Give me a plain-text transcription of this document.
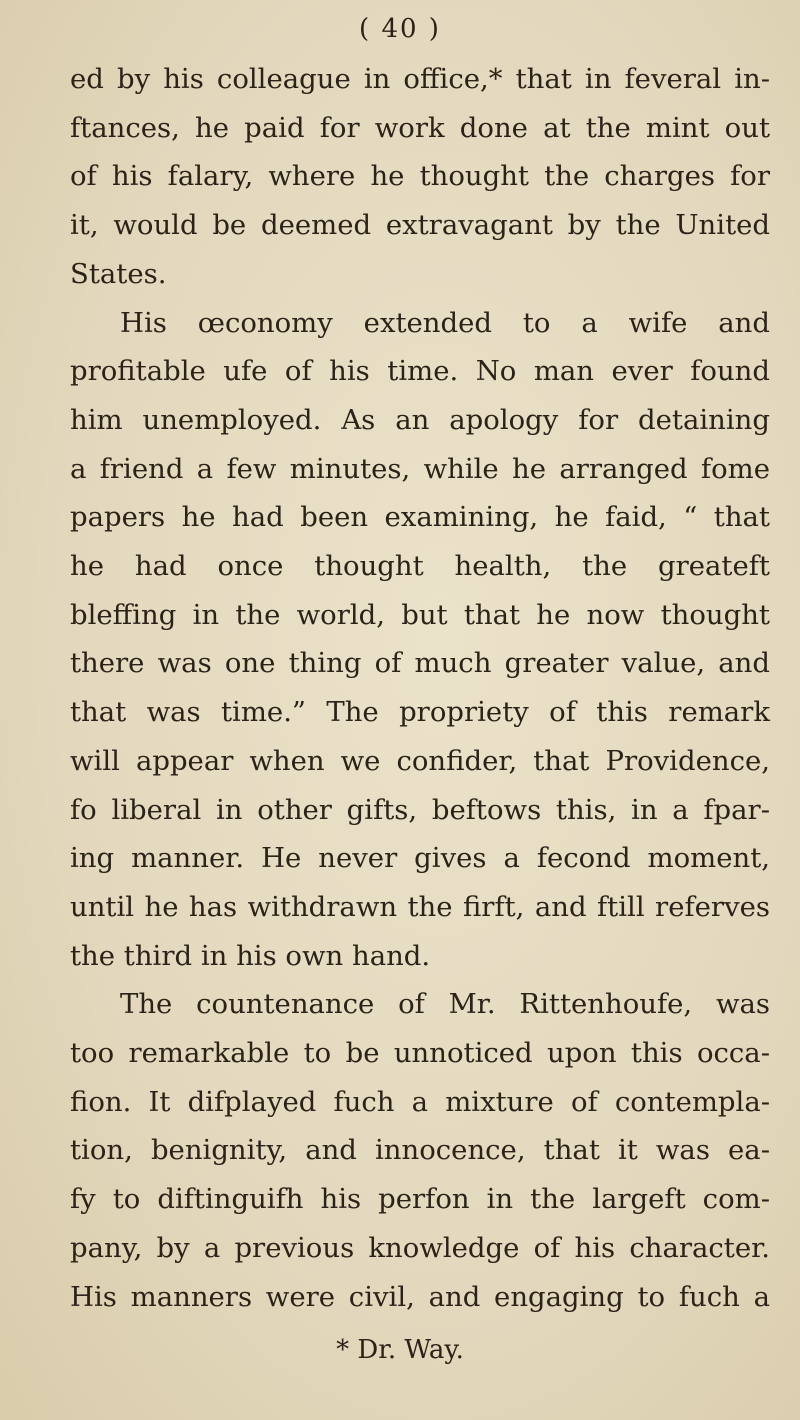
( 40 )
ed by his colleague in office,* that in feveral in-
ftances, he paid for work done at the mint out
of his falary, where he thought the charges for
it, would be deemed extravagant by the United
States.
His œconomy extended to a wife and
profitable ufe of his time. No man ever found
him unemployed. As an apology for detaining
a friend a few minutes, while he arranged fome
papers he had been examining, he faid, “ that
he had once thought health, the greateft
bleffing in the world, but that he now thought
there was one thing of much greater value, and
that was time.” The propriety of this remark
will appear when we confider, that Providence,
fo liberal in other gifts, beftows this, in a fpar-
ing manner. He never gives a fecond moment,
until he has withdrawn the firft, and ftill referves
the third in his own hand.
The countenance of Mr. Rittenhoufe, was
too remarkable to be unnoticed upon this occa-
fion. It difplayed fuch a mixture of contempla-
tion, benignity, and innocence, that it was ea-
fy to diftinguifh his perfon in the largeft com-
pany, by a previous knowledge of his character.
His manners were civil, and engaging to fuch a
* Dr. Way.
